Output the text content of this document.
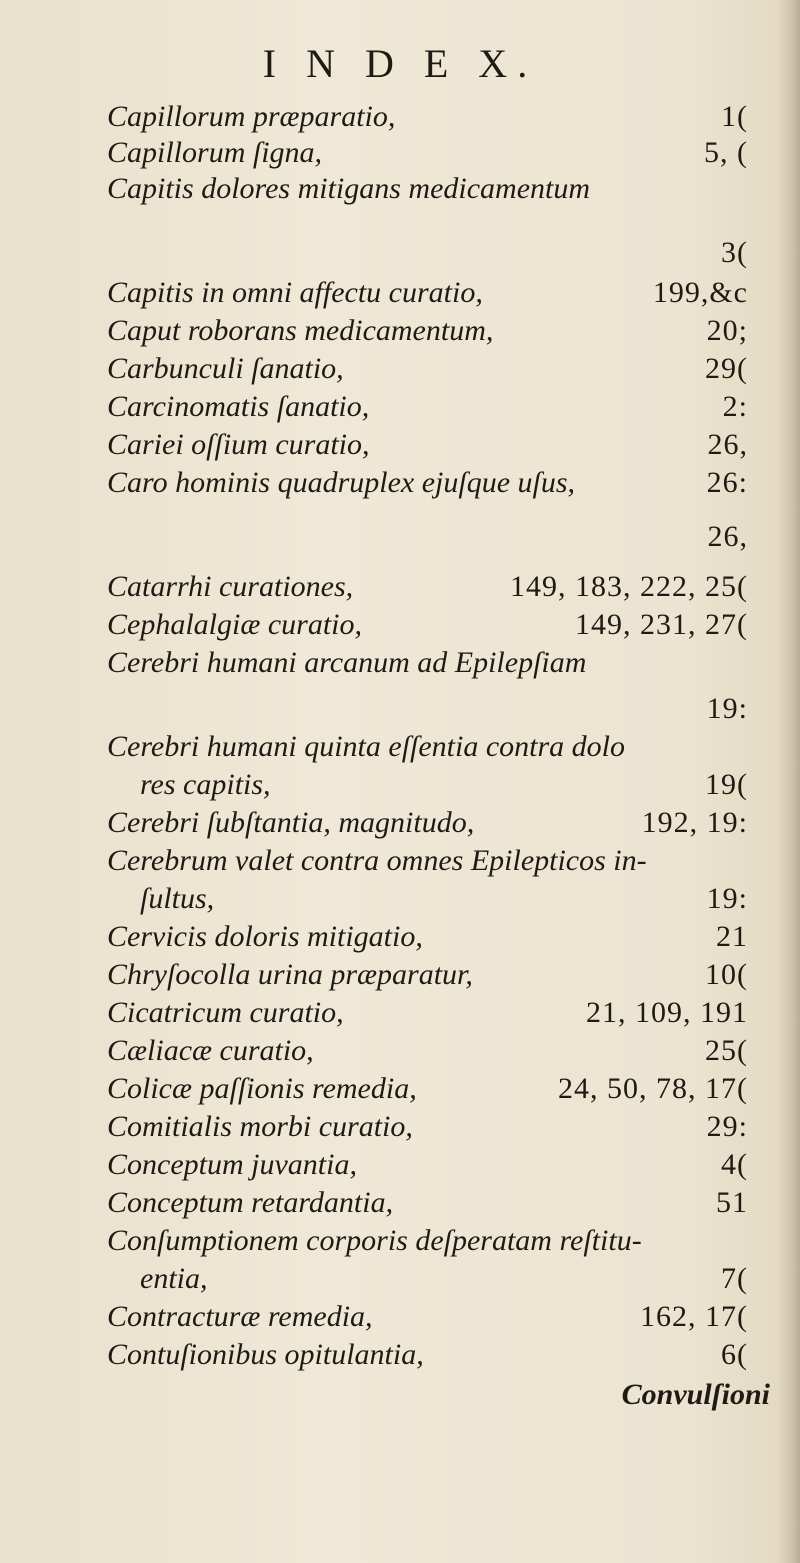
I N D E X.
Capillorum præparatio,	1(
Capillorum ſigna,	5, (
Capitis dolores mitigans medicamentum
3(
Capitis in omni affectu curatio,	199,&c
Caput roborans medicamentum,	20;
Carbunculi ſanatio,	29(
Carcinomatis ſanatio,	2:
Cariei oſſium curatio,	26,
Caro hominis quadruplex ejuſque uſus,	26:
26,
Catarrhi curationes,	149, 183, 222, 25(
Cephalalgiæ curatio,	149, 231, 27(
Cerebri humani arcanum ad Epilepſiam
19:
Cerebri humani quinta eſſentia contra dolo
res capitis,	19(
Cerebri ſubſtantia, magnitudo,	192, 19:
Cerebrum valet contra omnes Epilepticos in-
ſultus,	19:
Cervicis doloris mitigatio,	21
Chryſocolla urina præparatur,	10(
Cicatricum curatio,	21, 109, 191
Cæliacæ curatio,	25(
Colicæ paſſionis remedia,	24, 50, 78, 17(
Comitialis morbi curatio,	29:
Conceptum juvantia,	4(
Conceptum retardantia,	51
Conſumptionem corporis deſperatam reſtitu-
entia,	7(
Contracturæ remedia,	162, 17(
Contuſionibus opitulantia,	6(
Convulſioni
